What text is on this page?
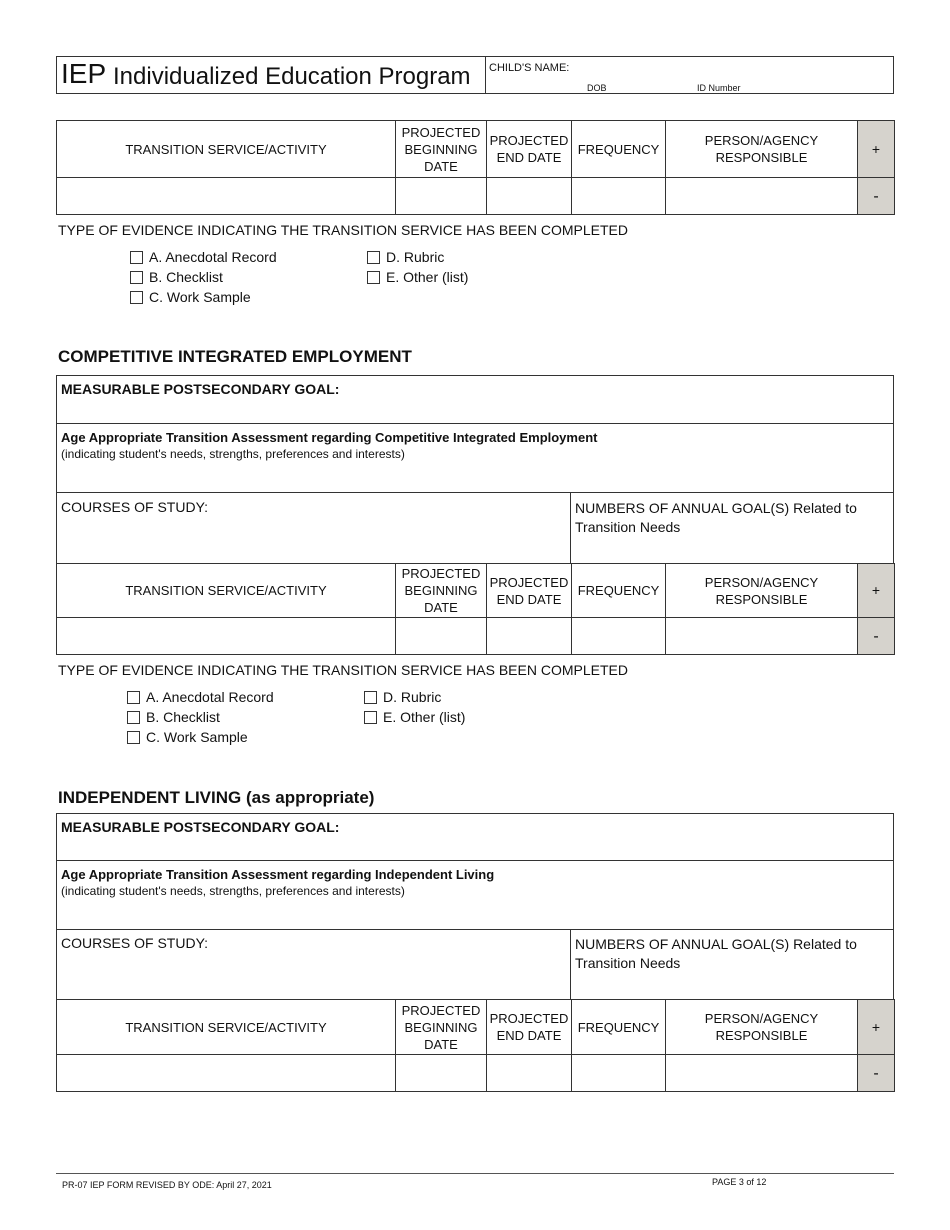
IEP Individualized Education Program CHILD'S NAME:
DOB	ID Number
TRANSITION SERVICE/ACTIVITY	PROJECTED BEGINNING DATE	PROJECTED END DATE	FREQUENCY	PERSON/AGENCY RESPONSIBLE	+
					-
TYPE OF EVIDENCE INDICATING THE TRANSITION SERVICE HAS BEEN COMPLETED
A. Anecdotal Record
B. Checklist
C. Work Sample
D. Rubric
E. Other (list)
COMPETITIVE INTEGRATED EMPLOYMENT
MEASURABLE POSTSECONDARY GOAL:
Age Appropriate Transition Assessment regarding Competitive Integrated Employment
(indicating student's needs, strengths, preferences and interests)
COURSES OF STUDY:	NUMBERS OF ANNUAL GOAL(S) Related to Transition Needs
TRANSITION SERVICE/ACTIVITY	PROJECTED BEGINNING DATE	PROJECTED END DATE	FREQUENCY	PERSON/AGENCY RESPONSIBLE	+
					-
TYPE OF EVIDENCE INDICATING THE TRANSITION SERVICE HAS BEEN COMPLETED
A. Anecdotal Record
B. Checklist
C. Work Sample
D. Rubric
E. Other (list)
INDEPENDENT LIVING (as appropriate)
MEASURABLE POSTSECONDARY GOAL:
Age Appropriate Transition Assessment regarding Independent Living
(indicating student's needs, strengths, preferences and interests)
COURSES OF STUDY:	NUMBERS OF ANNUAL GOAL(S) Related to Transition Needs
TRANSITION SERVICE/ACTIVITY	PROJECTED BEGINNING DATE	PROJECTED END DATE	FREQUENCY	PERSON/AGENCY RESPONSIBLE	+
					-
PR-07 IEP FORM REVISED BY ODE: April 27, 2021	PAGE 3 of 12
